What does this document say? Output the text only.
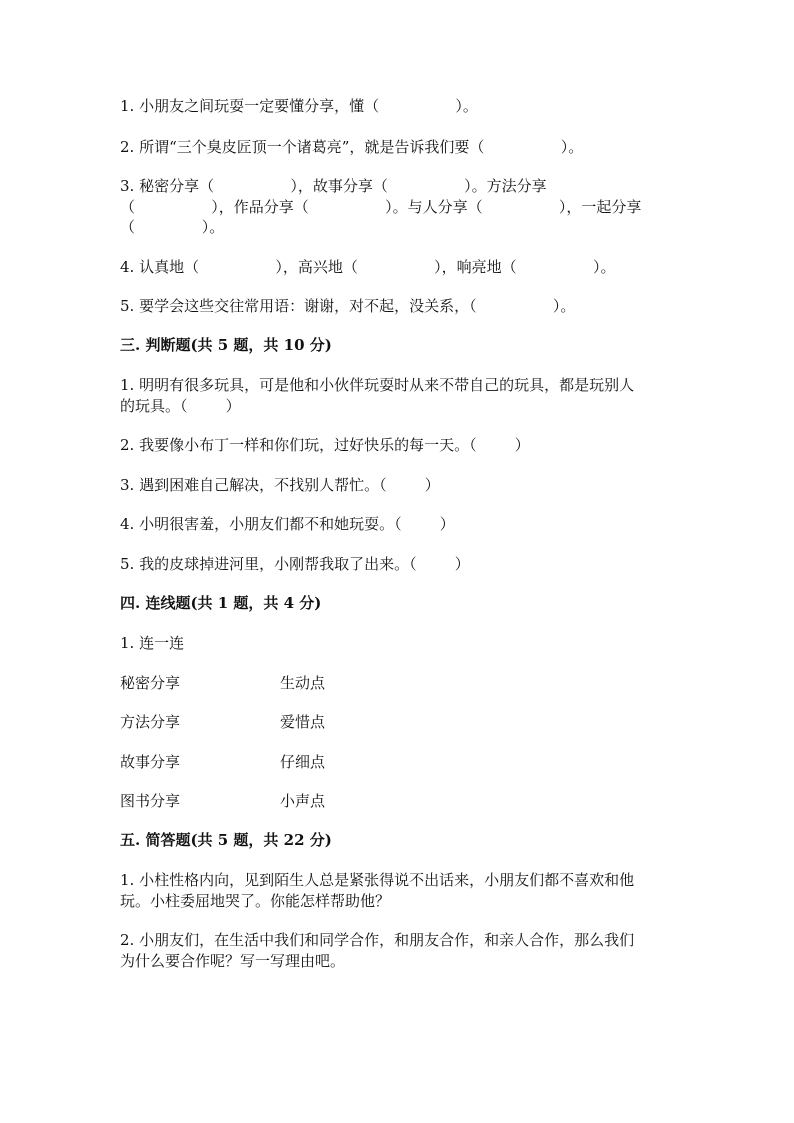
1. 小朋友之间玩耍一定要懂分享，懂（                ）。
2. 所谓“三个臭皮匠顶一个诸葛亮”，就是告诉我们要（                ）。
3. 秘密分享（                ），故事分享（                ）。方法分享
（                ），作品分享（                ）。与人分享（                ），一起分享
（              ）。
4. 认真地（                ），高兴地（                ），响亮地（                ）。
5. 要学会这些交往常用语：谢谢，对不起，没关系，（                ）。
三. 判断题(共 5 题，共 10 分)
1. 明明有很多玩具，可是他和小伙伴玩耍时从来不带自己的玩具，都是玩别人
的玩具。（        ）
2. 我要像小布丁一样和你们玩，过好快乐的每一天。（        ）
3. 遇到困难自己解决，不找别人帮忙。（        ）
4. 小明很害羞，小朋友们都不和她玩耍。（        ）
5. 我的皮球掉进河里，小刚帮我取了出来。（        ）
四. 连线题(共 1 题，共 4 分)
1. 连一连
秘密分享	生动点
方法分享	爱惜点
故事分享	仔细点
图书分享	小声点
五. 简答题(共 5 题，共 22 分)
1. 小柱性格内向，见到陌生人总是紧张得说不出话来，小朋友们都不喜欢和他
玩。小柱委屈地哭了。你能怎样帮助他？
2. 小朋友们，在生活中我们和同学合作，和朋友合作，和亲人合作，那么我们
为什么要合作呢？写一写理由吧。
